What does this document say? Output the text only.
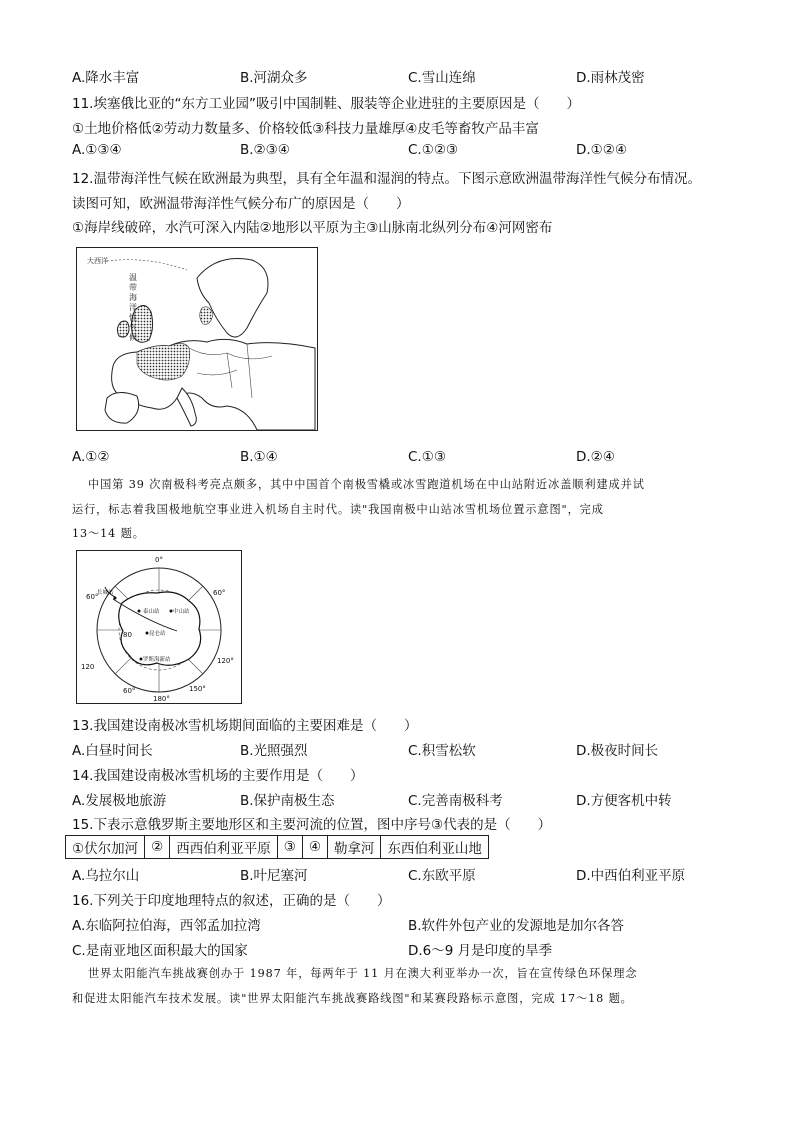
A.降水丰富	B.河湖众多	C.雪山连绵	D.雨林茂密
11.埃塞俄比亚的“东方工业园”吸引中国制鞋、服装等企业进驻的主要原因是（　　）
①土地价格低②劳动力数量多、价格较低③科技力量雄厚④皮毛等畜牧产品丰富
A.①③④	B.②③④	C.①②③	D.①②④
12.温带海洋性气候在欧洲最为典型，具有全年温和湿润的特点。下图示意欧洲温带海洋性气候分布情况。
读图可知，欧洲温带海洋性气候分布广的原因是（　　）
①海岸线破碎，水汽可深入内陆②地形以平原为主③山脉南北纵列分布④河网密布
大西洋
温
带
海
洋
性
气
候
A.①②	B.①④	C.①③	D.②④
中国第 39 次南极科考亮点颇多，其中中国首个南极雪橇或冰雪跑道机场在中山站附近冰盖顺利建成并试
运行，标志着我国极地航空事业进入机场自主时代。读"我国南极中山站冰雪机场位置示意图"，完成
13～14 题。
0°
60°	60°
120
120°
60°
180°
150°
80
长城站
泰山站 中山站
昆仑站
罗斯海新站
13.我国建设南极冰雪机场期间面临的主要困难是（　　）
A.白昼时间长	B.光照强烈	C.积雪松软	D.极夜时间长
14.我国建设南极冰雪机场的主要作用是（　　）
A.发展极地旅游	B.保护南极生态	C.完善南极科考	D.方便客机中转
15.下表示意俄罗斯主要地形区和主要河流的位置，图中序号③代表的是（　　）
①伏尔加河	②	西西伯利亚平原	③	④	勒拿河	东西伯利亚山地
A.乌拉尔山	B.叶尼塞河	C.东欧平原	D.中西伯利亚平原
16.下列关于印度地理特点的叙述，正确的是（　　）
A.东临阿拉伯海，西邻孟加拉湾	B.软件外包产业的发源地是加尔各答
C.是南亚地区面积最大的国家	D.6～9 月是印度的旱季
世界太阳能汽车挑战赛创办于 1987 年，每两年于 11 月在澳大利亚举办一次，旨在宣传绿色环保理念
和促进太阳能汽车技术发展。读"世界太阳能汽车挑战赛路线图"和某赛段路标示意图，完成 17～18 题。
